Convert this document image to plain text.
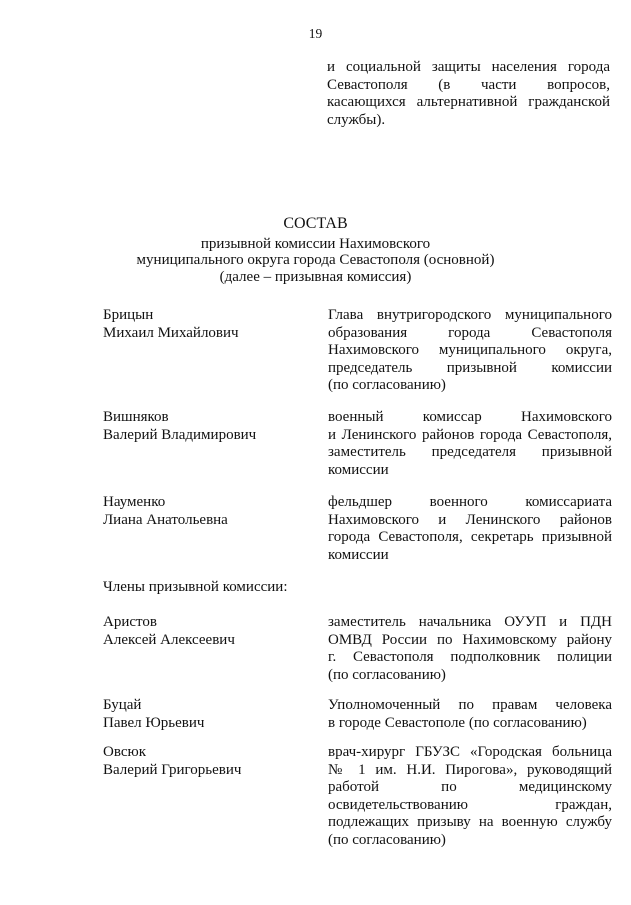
19
и социальной защиты населения города
Севастополя (в части вопросов,
касающихся альтернативной гражданской
службы).
СОСТАВ
призывной комиссии Нахимовского
муниципального округа города Севастополя (основной)
(далее – призывная комиссия)
Брицын
Михаил Михайлович
Глава внутригородского муниципального
образования города Севастополя
Нахимовского муниципального округа,
председатель призывной комиссии
(по согласованию)
Вишняков
Валерий Владимирович
военный комиссар Нахимовского
и Ленинского районов города Севастополя,
заместитель председателя призывной
комиссии
Науменко
Лиана Анатольевна
фельдшер военного комиссариата
Нахимовского и Ленинского районов
города Севастополя, секретарь призывной
комиссии
Члены призывной комиссии:
Аристов
Алексей Алексеевич
заместитель начальника ОУУП и ПДН
ОМВД России по Нахимовскому району
г. Севастополя подполковник полиции
(по согласованию)
Буцай
Павел Юрьевич
Уполномоченный по правам человека
в городе Севастополе (по согласованию)
Овсюк
Валерий Григорьевич
врач-хирург ГБУЗС «Городская больница
№ 1 им. Н.И. Пирогова», руководящий
работой по медицинскому
освидетельствованию граждан,
подлежащих призыву на военную службу
(по согласованию)
